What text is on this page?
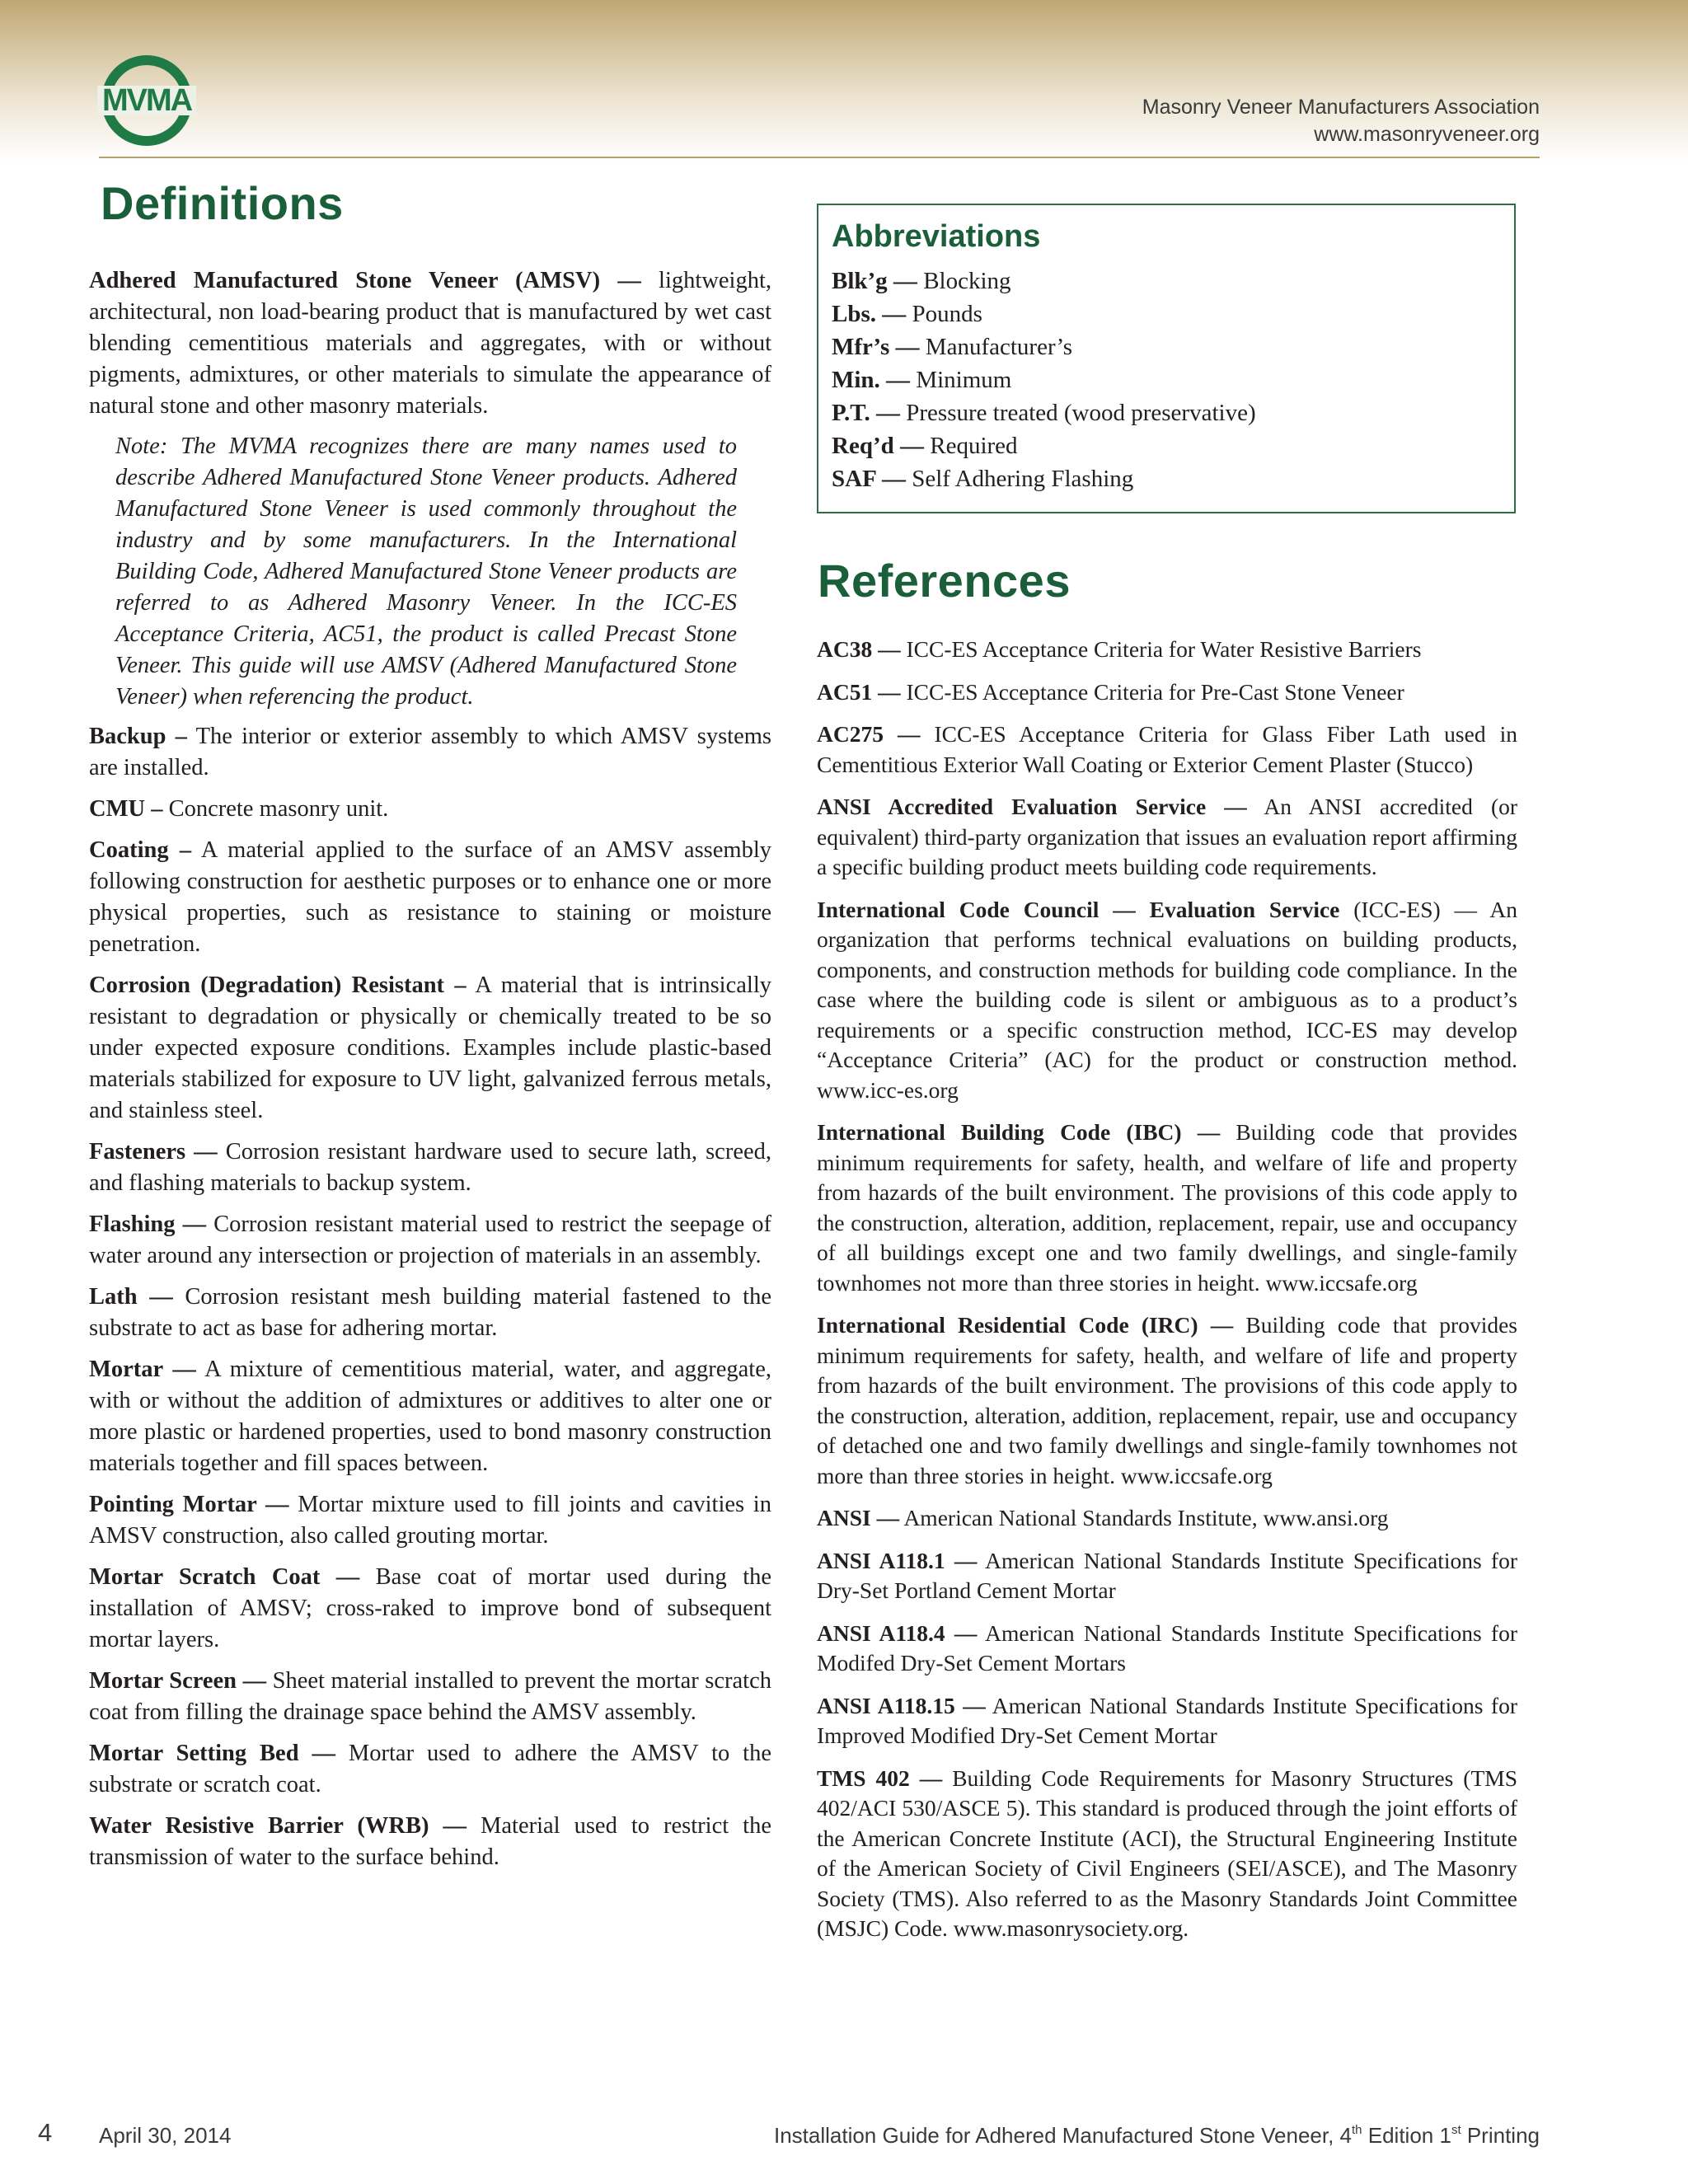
MVMA	Masonry Veneer Manufacturers Association
www.masonryveneer.org
Definitions

Adhered Manufactured Stone Veneer (AMSV) — lightweight, architectural, non load-bearing product that is manufactured by wet cast blending cementitious materials and aggregates, with or without pigments, admixtures, or other materials to simulate the appearance of natural stone and other masonry materials.

Note: The MVMA recognizes there are many names used to describe Adhered Manufactured Stone Veneer products. Adhered Manufactured Stone Veneer is used commonly throughout the industry and by some manufacturers. In the International Building Code, Adhered Manufactured Stone Veneer products are referred to as Adhered Masonry Veneer. In the ICC-ES Acceptance Criteria, AC51, the product is called Precast Stone Veneer. This guide will use AMSV (Adhered Manufactured Stone Veneer) when referencing the product.

Backup – The interior or exterior assembly to which AMSV systems are installed.

CMU – Concrete masonry unit.

Coating – A material applied to the surface of an AMSV assembly following construction for aesthetic purposes or to enhance one or more physical properties, such as resistance to staining or moisture penetration.

Corrosion (Degradation) Resistant – A material that is intrinsically resistant to degradation or physically or chemically treated to be so under expected exposure conditions. Examples include plastic-based materials stabilized for exposure to UV light, galvanized ferrous metals, and stainless steel.

Fasteners — Corrosion resistant hardware used to secure lath, screed, and flashing materials to backup system.

Flashing — Corrosion resistant material used to restrict the seepage of water around any intersection or projection of materials in an assembly.

Lath — Corrosion resistant mesh building material fastened to the substrate to act as base for adhering mortar.

Mortar — A mixture of cementitious material, water, and aggregate, with or without the addition of admixtures or additives to alter one or more plastic or hardened properties, used to bond masonry construction materials together and fill spaces between.

Pointing Mortar — Mortar mixture used to fill joints and cavities in AMSV construction, also called grouting mortar.

Mortar Scratch Coat — Base coat of mortar used during the installation of AMSV; cross-raked to improve bond of subsequent mortar layers.

Mortar Screen — Sheet material installed to prevent the mortar scratch coat from filling the drainage space behind the AMSV assembly.

Mortar Setting Bed — Mortar used to adhere the AMSV to the substrate or scratch coat.

Water Resistive Barrier (WRB) — Material used to restrict the transmission of water to the surface behind.

Abbreviations
Blk’g — Blocking
Lbs. — Pounds
Mfr’s — Manufacturer’s
Min. — Minimum
P.T. — Pressure treated (wood preservative)
Req’d — Required
SAF — Self Adhering Flashing
References

AC38 — ICC-ES Acceptance Criteria for Water Resistive Barriers

AC51 — ICC-ES Acceptance Criteria for Pre-Cast Stone Veneer

AC275 — ICC-ES Acceptance Criteria for Glass Fiber Lath used in Cementitious Exterior Wall Coating or Exterior Cement Plaster (Stucco)

ANSI Accredited Evaluation Service — An ANSI accredited (or equivalent) third-party organization that issues an evaluation report affirming a specific building product meets building code requirements.

International Code Council — Evaluation Service (ICC-ES) — An organization that performs technical evaluations on building products, components, and construction methods for building code compliance. In the case where the building code is silent or ambiguous as to a product’s requirements or a specific construction method, ICC-ES may develop “Acceptance Criteria” (AC) for the product or construction method. www.icc-es.org

International Building Code (IBC) — Building code that provides minimum requirements for safety, health, and welfare of life and property from hazards of the built environment. The provisions of this code apply to the construction, alteration, addition, replacement, repair, use and occupancy of all buildings except one and two family dwellings, and single-family townhomes not more than three stories in height. www.iccsafe.org

International Residential Code (IRC) — Building code that provides minimum requirements for safety, health, and welfare of life and property from hazards of the built environment. The provisions of this code apply to the construction, alteration, addition, replacement, repair, use and occupancy of detached one and two family dwellings and single-family townhomes not more than three stories in height. www.iccsafe.org

ANSI — American National Standards Institute, www.ansi.org

ANSI A118.1 — American National Standards Institute Specifications for Dry-Set Portland Cement Mortar

ANSI A118.4 — American National Standards Institute Specifications for Modifed Dry-Set Cement Mortars

ANSI A118.15 — American National Standards Institute Specifications for Improved Modified Dry-Set Cement Mortar

TMS 402 — Building Code Requirements for Masonry Structures (TMS 402/ACI 530/ASCE 5). This standard is produced through the joint efforts of the American Concrete Institute (ACI), the Structural Engineering Institute of the American Society of Civil Engineers (SEI/ASCE), and The Masonry Society (TMS). Also referred to as the Masonry Standards Joint Committee (MSJC) Code. www.masonrysociety.org.

4 April 30, 2014	Installation Guide for Adhered Manufactured Stone Veneer, 4th Edition 1st Printing
